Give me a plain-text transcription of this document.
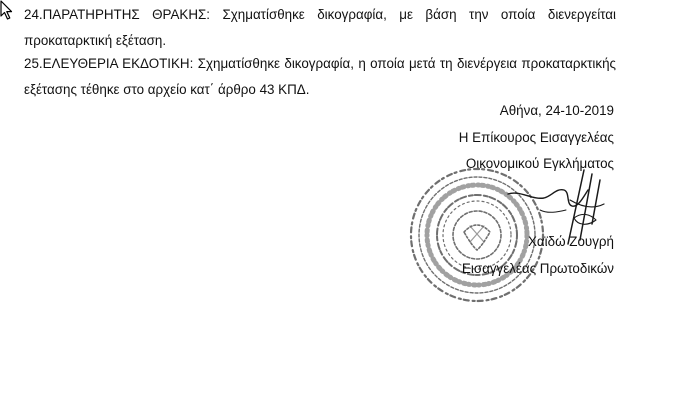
24.ΠΑΡΑΤΗΡΗΤΗΣ ΘΡΑΚΗΣ: Σχηματίσθηκε δικογραφία, με βάση την οποία διενεργείται
προκαταρκτική εξέταση.
25.ΕΛΕΥΘΕΡΙΑ ΕΚΔΟΤΙΚΗ: Σχηματίσθηκε δικογραφία, η οποία μετά τη διενέργεια προκαταρκτικής
εξέτασης τέθηκε στο αρχείο κατ΄ άρθρο 43 ΚΠΔ.
Αθήνα, 24-10-2019
Η Επίκουρος Εισαγγελέας
Οικονομικού Εγκλήματος
Χαϊδώ Ζουγρή
Εισαγγελέας Πρωτοδικών
